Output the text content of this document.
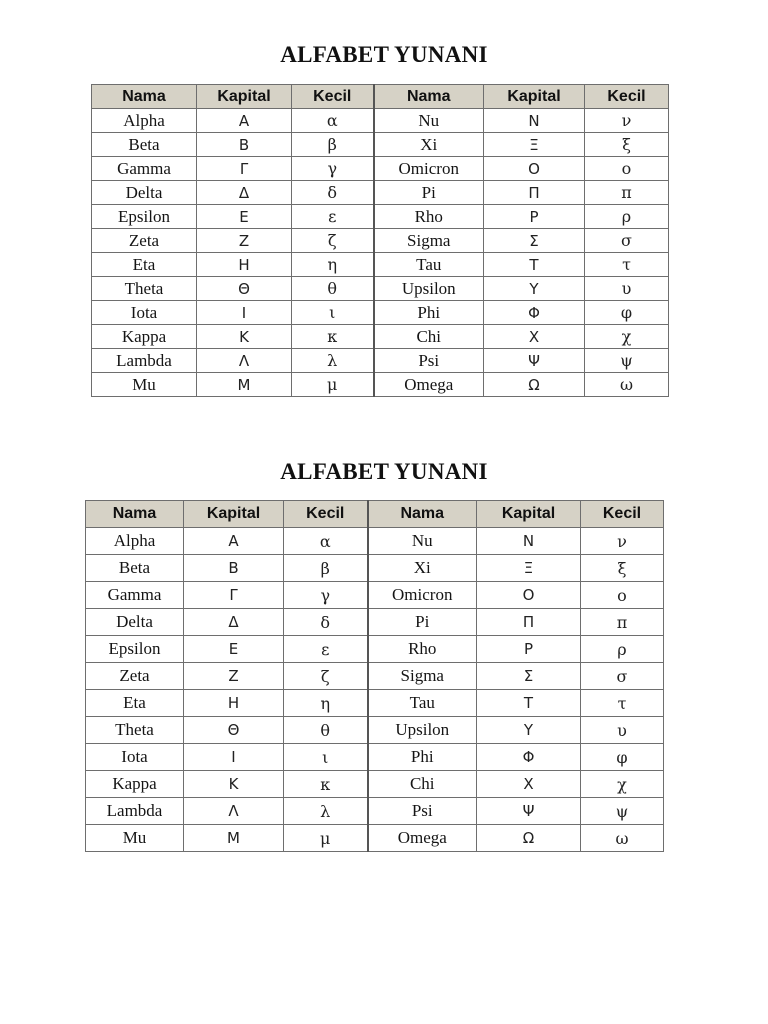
ALFABET YUNANI
Nama	Kapital	Kecil	Nama	Kapital	Kecil
Alpha	Α	α	Nu	Ν	ν
Beta	Β	β	Xi	Ξ	ξ
Gamma	Γ	γ	Omicron	Ο	ο
Delta	Δ	δ	Pi	Π	π
Epsilon	Ε	ε	Rho	Ρ	ρ
Zeta	Ζ	ζ	Sigma	Σ	σ
Eta	Η	η	Tau	Τ	τ
Theta	Θ	θ	Upsilon	Υ	υ
Iota	Ι	ι	Phi	Φ	φ
Kappa	Κ	κ	Chi	Χ	χ
Lambda	Λ	λ	Psi	Ψ	ψ
Mu	Μ	μ	Omega	Ω	ω
ALFABET YUNANI
Nama	Kapital	Kecil	Nama	Kapital	Kecil
Alpha	Α	α	Nu	Ν	ν
Beta	Β	β	Xi	Ξ	ξ
Gamma	Γ	γ	Omicron	Ο	ο
Delta	Δ	δ	Pi	Π	π
Epsilon	Ε	ε	Rho	Ρ	ρ
Zeta	Ζ	ζ	Sigma	Σ	σ
Eta	Η	η	Tau	Τ	τ
Theta	Θ	θ	Upsilon	Υ	υ
Iota	Ι	ι	Phi	Φ	φ
Kappa	Κ	κ	Chi	Χ	χ
Lambda	Λ	λ	Psi	Ψ	ψ
Mu	Μ	μ	Omega	Ω	ω
